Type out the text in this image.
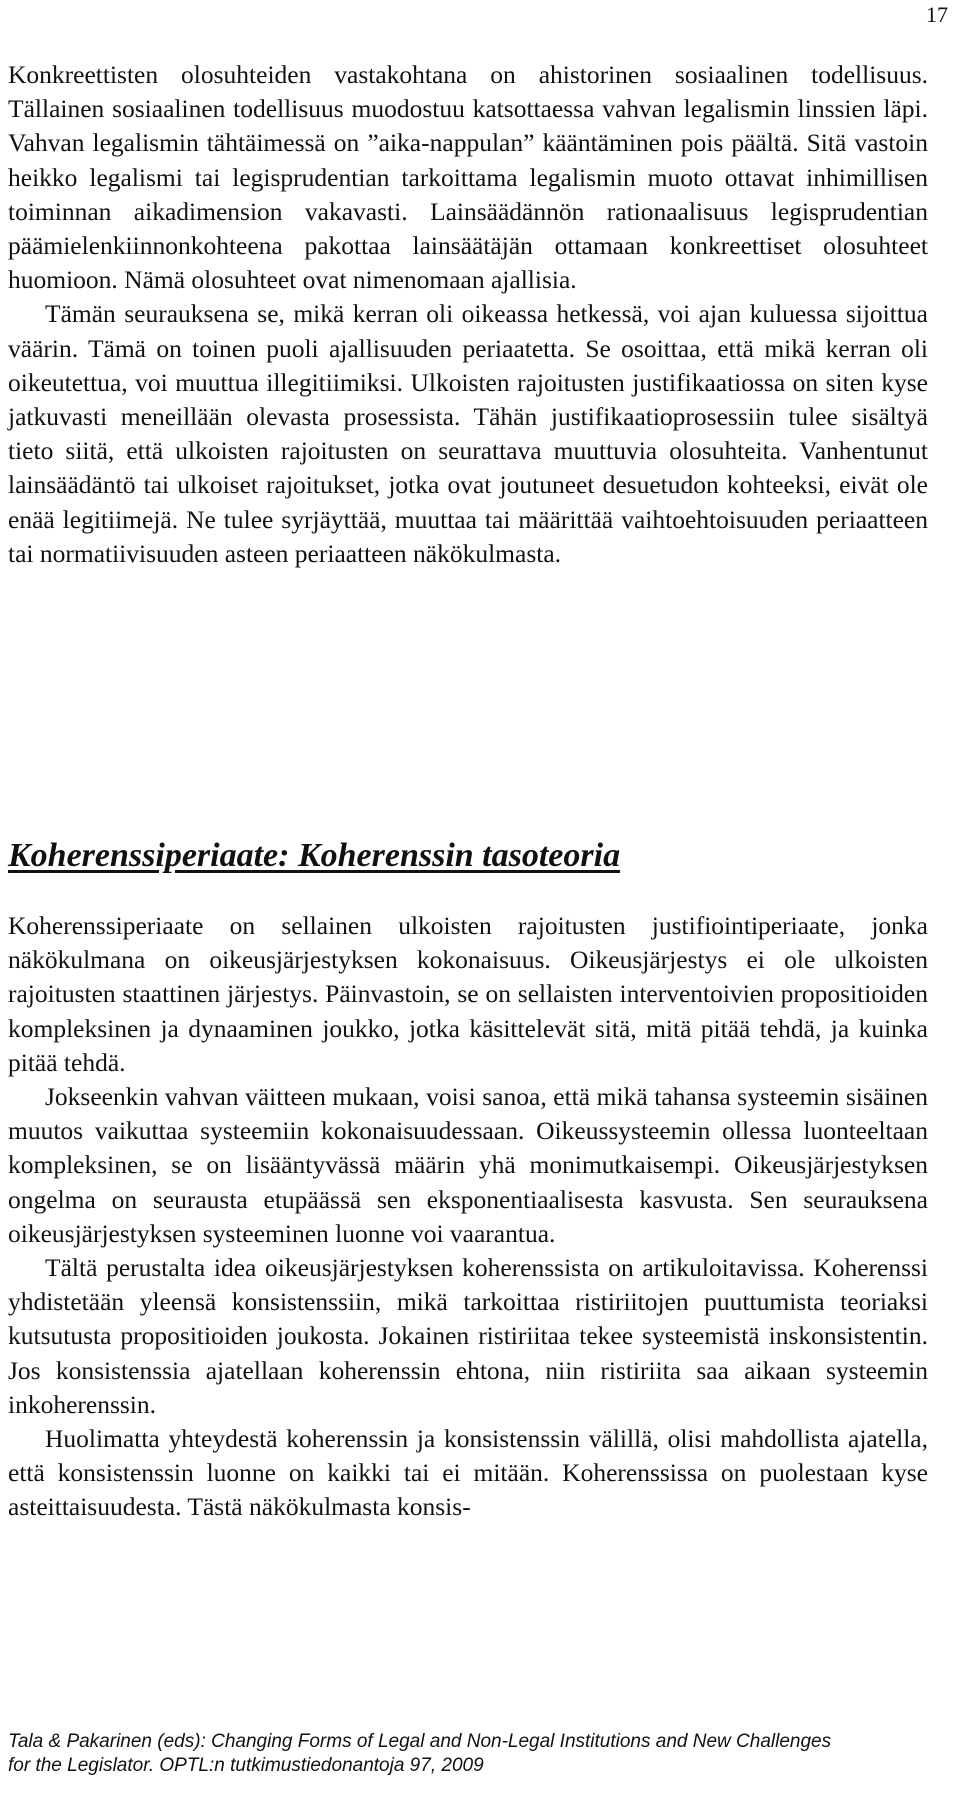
17

Konkreettisten olosuhteiden vastakohtana on ahistorinen sosiaalinen todellisuus. Tällainen sosiaalinen todellisuus muodostuu katsottaessa vahvan legalismin linssien läpi. Vahvan legalismin tähtäimessä on ”aika-nappulan” kääntäminen pois päältä. Sitä vastoin heikko legalismi tai legisprudentian tarkoittama legalismin muoto ottavat inhimillisen toiminnan aikadimension vakavasti. Lainsäädännön rationaalisuus legisprudentian päämielenkiinnonkohteena pakottaa lainsäätäjän ottamaan konkreettiset olosuhteet huomioon. Nämä olosuhteet ovat nimenomaan ajallisia.

Tämän seurauksena se, mikä kerran oli oikeassa hetkessä, voi ajan kuluessa sijoittua väärin. Tämä on toinen puoli ajallisuuden periaatetta. Se osoittaa, että mikä kerran oli oikeutettua, voi muuttua illegitiimiksi. Ulkoisten rajoitusten justifikaatiossa on siten kyse jatkuvasti meneillään olevasta prosessista. Tähän justifikaatioprosessiin tulee sisältyä tieto siitä, että ulkoisten rajoitusten on seurattava muuttuvia olosuhteita. Vanhentunut lainsäädäntö tai ulkoiset rajoitukset, jotka ovat joutuneet desuetudon kohteeksi, eivät ole enää legitiimejä. Ne tulee syrjäyttää, muuttaa tai määrittää vaihtoehtoisuuden periaatteen tai normatiivisuuden asteen periaatteen näkökulmasta.

Koherenssiperiaate: Koherenssin tasoteoria

Koherenssiperiaate on sellainen ulkoisten rajoitusten justifiointiperiaate, jonka näkökulmana on oikeusjärjestyksen kokonaisuus. Oikeusjärjestys ei ole ulkoisten rajoitusten staattinen järjestys. Päinvastoin, se on sellaisten interventoivien propositioiden kompleksinen ja dynaaminen joukko, jotka käsittelevät sitä, mitä pitää tehdä, ja kuinka pitää tehdä.

Jokseenkin vahvan väitteen mukaan, voisi sanoa, että mikä tahansa systeemin sisäinen muutos vaikuttaa systeemiin kokonaisuudessaan. Oikeussysteemin ollessa luonteeltaan kompleksinen, se on lisääntyvässä määrin yhä monimutkaisempi. Oikeusjärjestyksen ongelma on seurausta etupäässä sen eksponentiaalisesta kasvusta. Sen seurauksena oikeusjärjestyksen systeeminen luonne voi vaarantua.

Tältä perustalta idea oikeusjärjestyksen koherenssista on artikuloitavissa. Koherenssi yhdistetään yleensä konsistenssiin, mikä tarkoittaa ristiriitojen puuttumista teoriaksi kutsutusta propositioiden joukosta. Jokainen ristiriitaa tekee systeemistä inskonsistentin. Jos konsistenssia ajatellaan koherenssin ehtona, niin ristiriita saa aikaan systeemin inkoherenssin.

Huolimatta yhteydestä koherenssin ja konsistenssin välillä, olisi mahdollista ajatella, että konsistenssin luonne on kaikki tai ei mitään. Koherenssissa on puolestaan kyse asteittaisuudesta. Tästä näkökulmasta konsis-

Tala & Pakarinen (eds): Changing Forms of Legal and Non-Legal Institutions and New Challenges
for the Legislator. OPTL:n tutkimustiedonantoja 97, 2009
